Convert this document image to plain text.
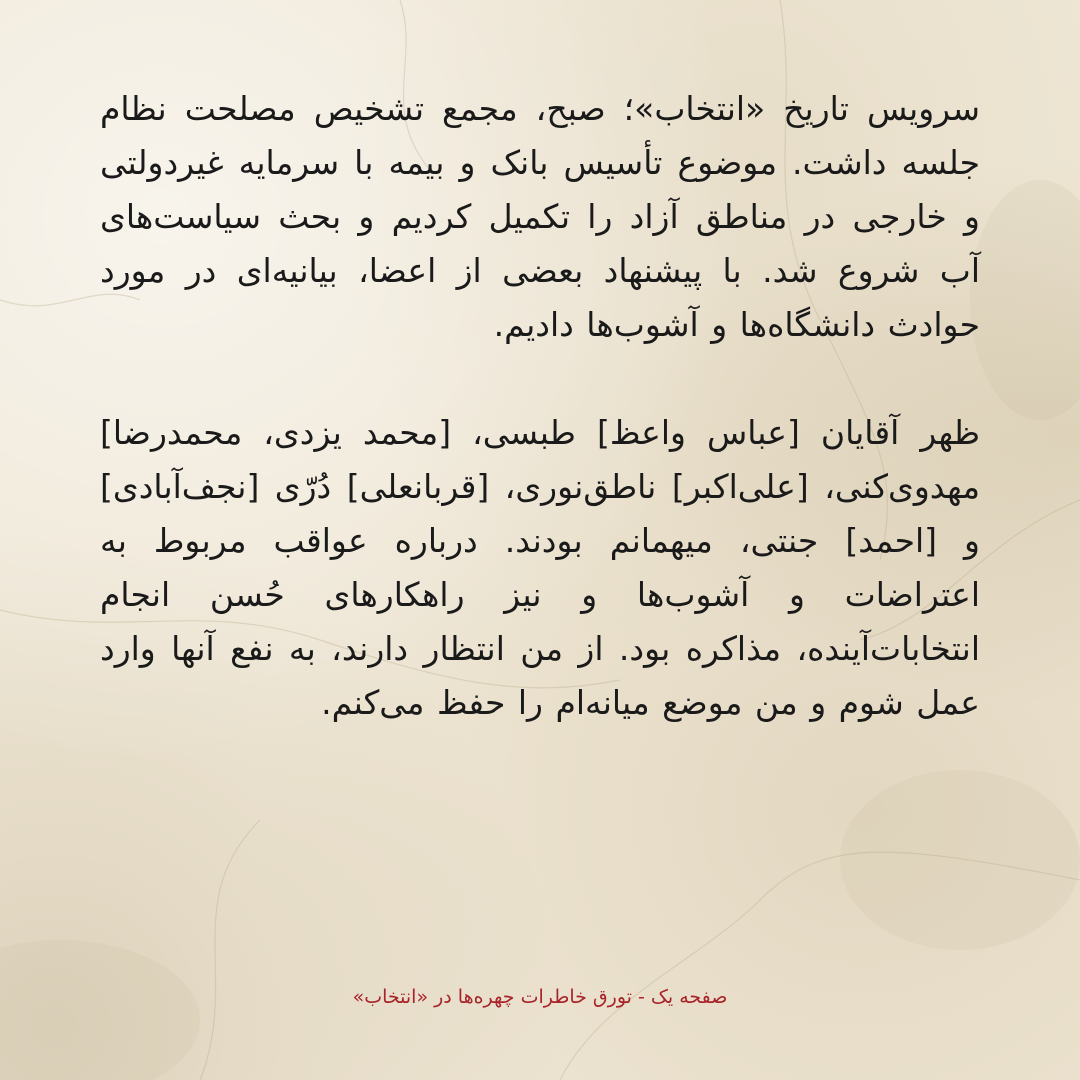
سرویس تاریخ «انتخاب»؛ صبح، مجمع تشخیص مصلحت نظام جلسه داشت. موضوع تأسیس بانک و بیمه با سرمایه غیردولتی و خارجی در مناطق آزاد را تکمیل کردیم و بحث سیاست‌های آب شروع شد. با پیشنهاد بعضی از اعضا، بیانیه‌ای در مورد حوادث دانشگاه‌ها و آشوب‌ها دادیم.

ظهر آقایان [عباس واعظ] طبسی، [محمد یزدی، محمدرضا] مهدوی‌کنی، [علی‌اکبر] ناطق‌نوری، [قربانعلی] دُرّی [نجف‌آبادی] و [احمد] جنتی، میهمانم بودند. درباره عواقب مربوط به اعتراضات و آشوب‌ها و نیز راهکارهای حُسن انجام انتخابات‌آینده، مذاکره بود. از من انتظار دارند، به نفع آنها وارد عمل شوم و من موضع میانه‌ام را حفظ می‌کنم.

صفحه یک - تورق خاطرات چهره‌ها در «انتخاب»
